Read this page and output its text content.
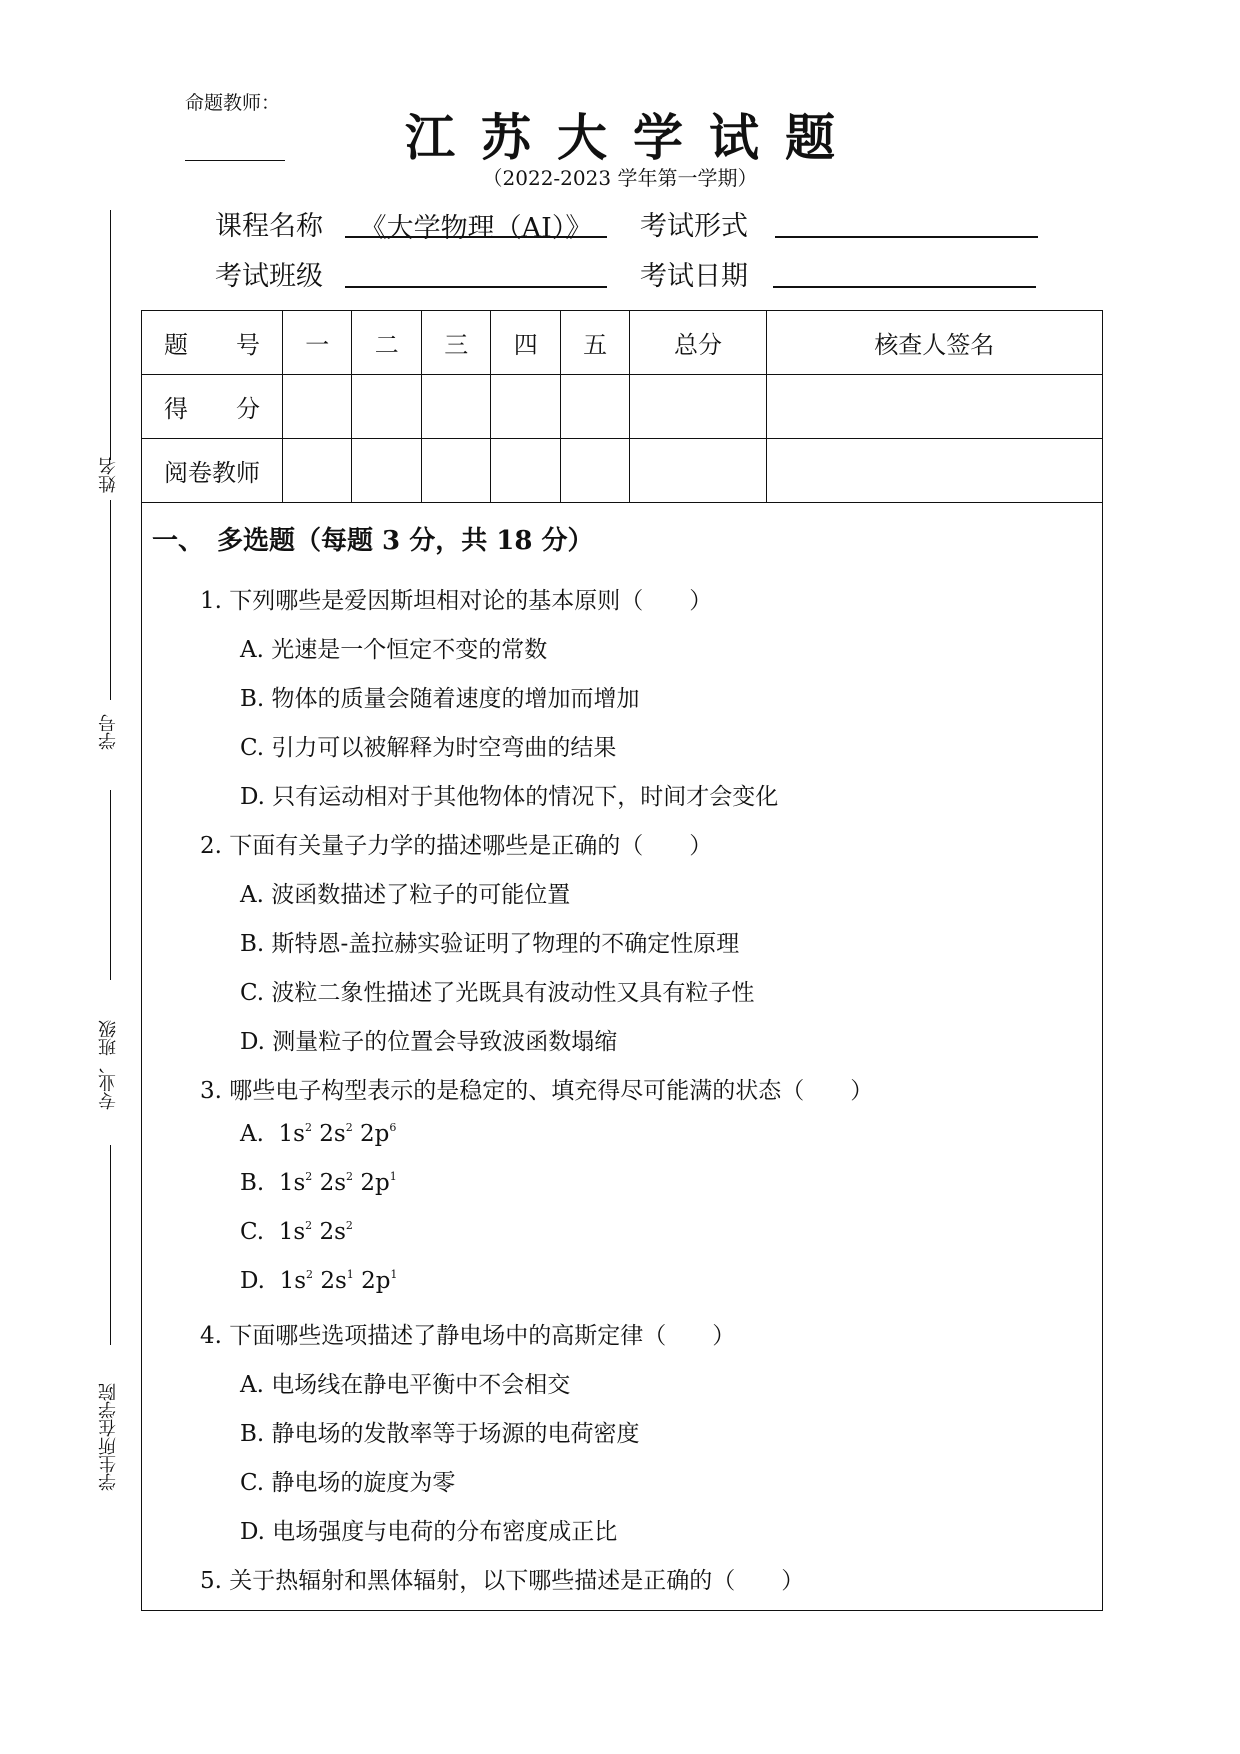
命题教师：
江苏大学试题
（2022-2023 学年第一学期）
课程名称	《大学物理（AI）》	考试形式
考试班级	考试日期
姓名
学号
专业、班级
学生所在学院
题　　号	一	二	三	四	五	总分	核查人签名
得　　分							
阅卷教师							
一、　多选题（每题 3 分，共 18 分）
1. 下列哪些是爱因斯坦相对论的基本原则（　　）
A. 光速是一个恒定不变的常数
B. 物体的质量会随着速度的增加而增加
C. 引力可以被解释为时空弯曲的结果
D. 只有运动相对于其他物体的情况下，时间才会变化
2. 下面有关量子力学的描述哪些是正确的（　　）
A. 波函数描述了粒子的可能位置
B. 斯特恩-盖拉赫实验证明了物理的不确定性原理
C. 波粒二象性描述了光既具有波动性又具有粒子性
D. 测量粒子的位置会导致波函数塌缩
3. 哪些电子构型表示的是稳定的、填充得尽可能满的状态（　　）
A. $1s^2$ $2s^2$ $2p^6$
B. $1s^2$ $2s^2$ $2p^1$
C. $1s^2$ $2s^2$
D. $1s^2$ $2s^1$ $2p^1$
4. 下面哪些选项描述了静电场中的高斯定律（　　）
A. 电场线在静电平衡中不会相交
B. 静电场的发散率等于场源的电荷密度
C. 静电场的旋度为零
D. 电场强度与电荷的分布密度成正比
5. 关于热辐射和黑体辐射，以下哪些描述是正确的（　　）
